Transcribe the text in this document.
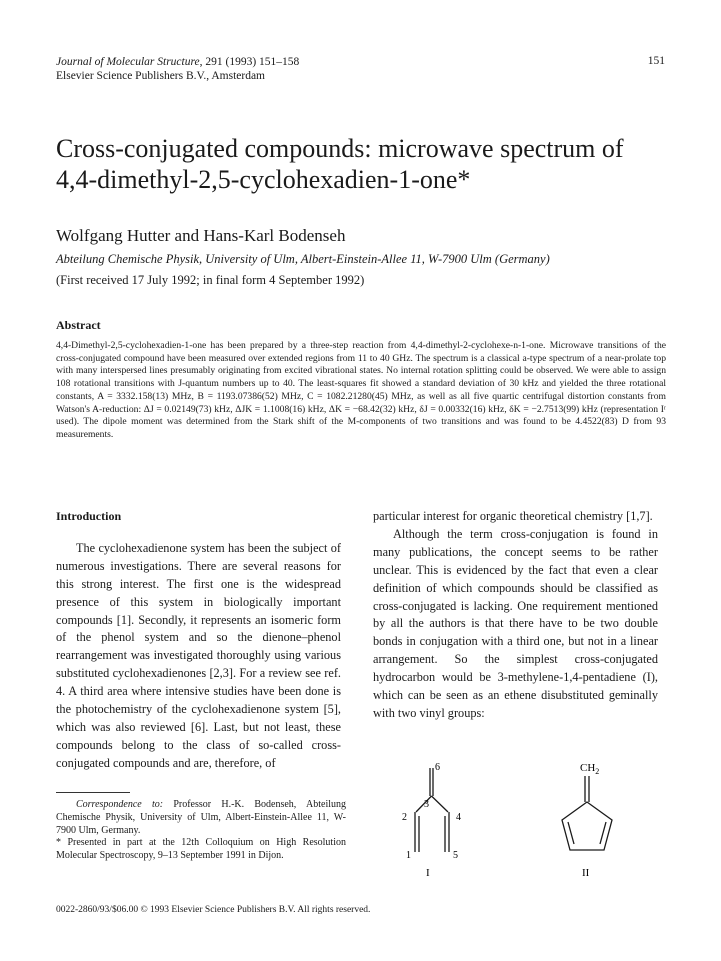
Journal of Molecular Structure, 291 (1993) 151–158
Elsevier Science Publishers B.V., Amsterdam
151
Cross-conjugated compounds: microwave spectrum of
4,4-dimethyl-2,5-cyclohexadien-1-one*
Wolfgang Hutter and Hans-Karl Bodenseh
Abteilung Chemische Physik, University of Ulm, Albert-Einstein-Allee 11, W-7900 Ulm (Germany)
(First received 17 July 1992; in final form 4 September 1992)
Abstract
4,4-Dimethyl-2,5-cyclohexadien-1-one has been prepared by a three-step reaction from 4,4-dimethyl-2-cyclohexe-n-1-one. Microwave transitions of the cross-conjugated compound have been measured over extended regions from 11 to 40 GHz. The spectrum is a classical a-type spectrum of a near-prolate top with many interspersed lines presumably originating from excited vibrational states. No internal rotation splitting could be observed. We were able to assign 108 rotational transitions with J-quantum numbers up to 40. The least-squares fit showed a standard deviation of 30 kHz and yielded the three rotational constants, A = 3332.158(13) MHz, B = 1193.07386(52) MHz, C = 1082.21280(45) MHz, as well as all five quartic centrifugal distortion constants from Watson's A-reduction: ΔJ = 0.02149(73) kHz, ΔJK = 1.1008(16) kHz, ΔK = −68.42(32) kHz, δJ = 0.00332(16) kHz, δK = −2.7513(99) kHz (representation Iʳ used). The dipole moment was determined from the Stark shift of the M-components of two transitions and was found to be 4.4522(83) D from 93 measurements.

Introduction

The cyclohexadienone system has been the subject of numerous investigations. There are several reasons for this strong interest. The first one is the widespread presence of this system in biologically important compounds [1]. Secondly, it represents an isomeric form of the phenol system and so the dienone–phenol rearrangement was investigated thoroughly using various substituted cyclohexadienones [2,3]. For a review see ref. 4. A third area where intensive studies have been done is the photochemistry of the cyclohexadienone system [5], which was also reviewed [6]. Last, but not least, these compounds belong to the class of so-called cross-conjugated compounds and are, therefore, of

particular interest for organic theoretical chemistry [1,7].

Although the term cross-conjugation is found in many publications, the concept seems to be rather unclear. This is evidenced by the fact that even a clear definition of which compounds should be classified as cross-conjugated is lacking. One requirement mentioned by all the authors is that there have to be two double bonds in conjugation with a third one, but not in a linear arrangement. So the simplest cross-conjugated hydrocarbon would be 3-methylene-1,4-pentadiene (I), which can be seen as an ethene disubstituted geminally with two vinyl groups:

6
3
2	4
1	5
I
$CH_2$
II

Correspondence to: Professor H.-K. Bodenseh, Abteilung Chemische Physik, University of Ulm, Albert-Einstein-Allee 11, W-7900 Ulm, Germany.

* Presented in part at the 12th Colloquium on High Resolution Molecular Spectroscopy, 9–13 September 1991 in Dijon.

0022-2860/93/$06.00 © 1993 Elsevier Science Publishers B.V. All rights reserved.
